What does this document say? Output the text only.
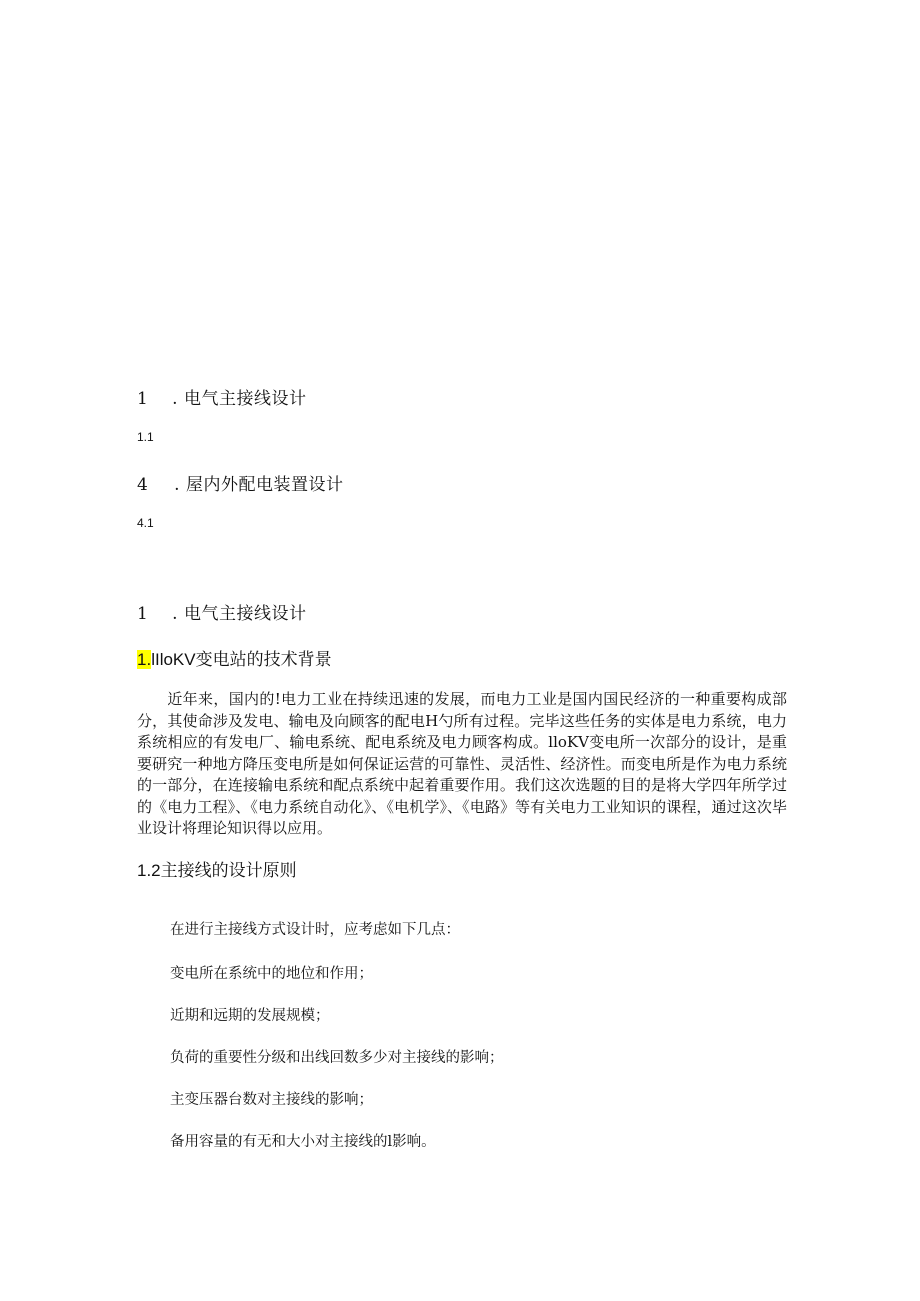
1 . 电气主接线设计
1.1
4 . 屋内外配电装置设计
4.1
1 . 电气主接线设计
1.lIloKV变电站的技术背景
近年来，国内的!电力工业在持续迅速的发展，而电力工业是国内国民经济的一种重要构成部分，其使命涉及发电、输电及向顾客的配电H勺所有过程。完毕这些任务的实体是电力系统，电力系统相应的有发电厂、输电系统、配电系统及电力顾客构成。lloKV变电所一次部分的设计，是重要研究一种地方降压变电所是如何保证运营的可靠性、灵活性、经济性。而变电所是作为电力系统的一部分，在连接输电系统和配点系统中起着重要作用。我们这次选题的目的是将大学四年所学过的《电力工程》、《电力系统自动化》、《电机学》、《电路》等有关电力工业知识的课程，通过这次毕业设计将理论知识得以应用。
1.2主接线的设计原则
在进行主接线方式设计时，应考虑如下几点：
变电所在系统中的地位和作用；
近期和远期的发展规模；
负荷的重要性分级和出线回数多少对主接线的影响；
主变压器台数对主接线的影响；
备用容量的有无和大小对主接线的l影响。
